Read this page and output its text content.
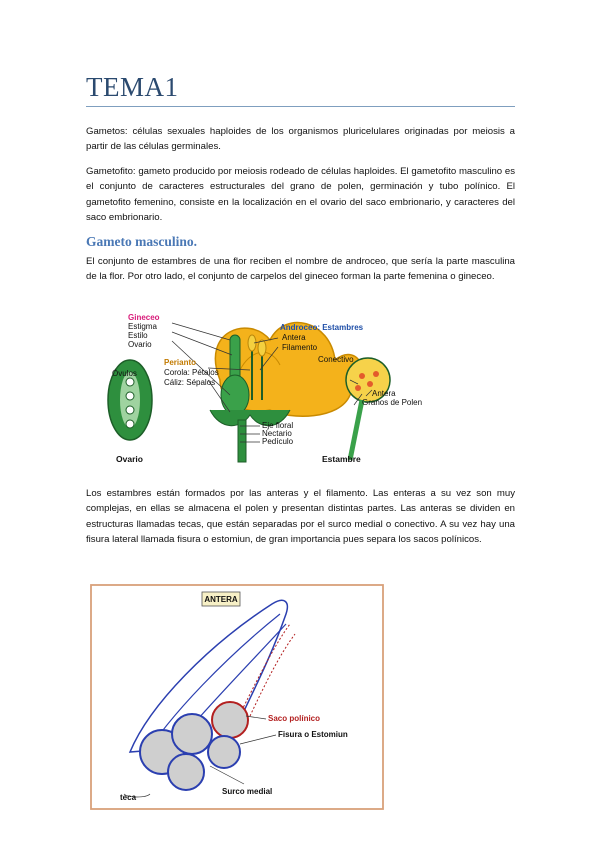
TEMA1
Gametos: células sexuales haploides de los organismos pluricelulares originadas por meiosis a partir de las células germinales.
Gametofito: gameto producido por meiosis rodeado de células haploides. El gametofito masculino es el conjunto de caracteres estructurales del grano de polen, germinación y tubo polínico. El gametofito femenino, consiste en la localización en el ovario del saco embrionario, y caracteres del saco embrionario.
Gameto masculino.
El conjunto de estambres de una flor reciben el nombre de androceo, que sería la parte masculina de la flor. Por otro lado, el conjunto de carpelos del gineceo forman la parte femenina o gineceo.
Gineceo
Estigma
Estilo
Ovario
Óvulos
Perianto
Corola: Pétalos
Cáliz: Sépalos
Androceo: Estambres
Antera
Filamento
Conectivo
Antera
Granos de Polen
Eje floral
Nectario
Pedículo
Ovario	Estambre
Los estambres están formados por las anteras y el filamento. Las enteras a su vez son muy complejas, en ellas se almacena el polen y presentan distintas partes. Las anteras se dividen en estructuras llamadas tecas, que están separadas por el surco medial o conectivo. A su vez hay una fisura lateral llamada fisura o estomiun, de gran importancia pues separa los sacos polínicos.
ANTERA
Saco polínico
Fisura o Estomiun
Surco medial
teca
